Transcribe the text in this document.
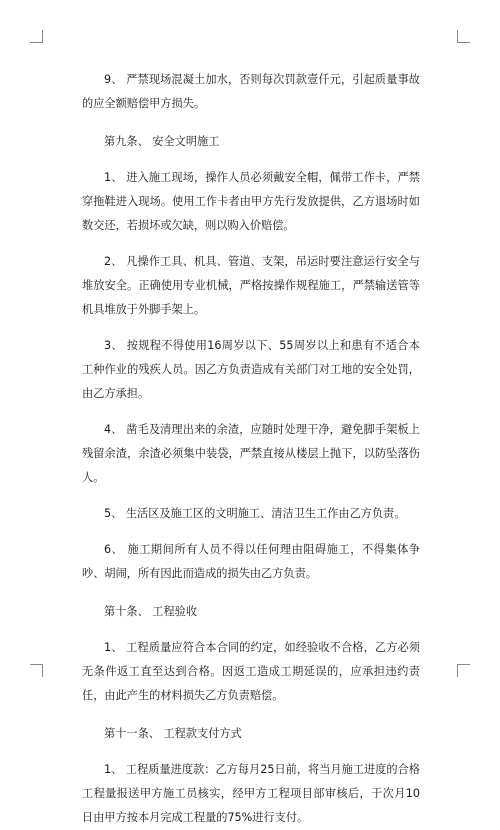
9、 严禁现场混凝土加水，否则每次罚款壹仟元，引起质量事故的应全额赔偿甲方损失。

第九条、 安全文明施工

1、 进入施工现场，操作人员必须戴安全帽，佩带工作卡，严禁穿拖鞋进入现场。使用工作卡者由甲方先行发放提供，乙方退场时如数交还，若损坏或欠缺，则以购入价赔偿。

2、 凡操作工具、机具、管道、支架，吊运时要注意运行安全与堆放安全。正确使用专业机械，严格按操作规程施工，严禁输送管等机具堆放于外脚手架上。

3、 按规程不得使用16周岁以下、55周岁以上和患有不适合本工种作业的残疾人员。因乙方负责造成有关部门对工地的安全处罚，由乙方承担。

4、 凿毛及清理出来的余渣，应随时处理干净，避免脚手架板上残留余渣，余渣必须集中装袋，严禁直接从楼层上抛下，以防坠落伤人。

5、 生活区及施工区的文明施工、清洁卫生工作由乙方负责。

6、 施工期间所有人员不得以任何理由阻碍施工，不得集体争吵、胡闹，所有因此而造成的损失由乙方负责。

第十条、 工程验收

1、 工程质量应符合本合同的约定，如经验收不合格，乙方必须无条件返工直至达到合格。因返工造成工期延误的，应承担违约责任，由此产生的材料损失乙方负责赔偿。

第十一条、 工程款支付方式

1、 工程质量进度款：乙方每月25日前，将当月施工进度的合格工程量报送甲方施工员核实，经甲方工程项目部审核后，于次月10日由甲方按本月完成工程量的75%进行支付。
